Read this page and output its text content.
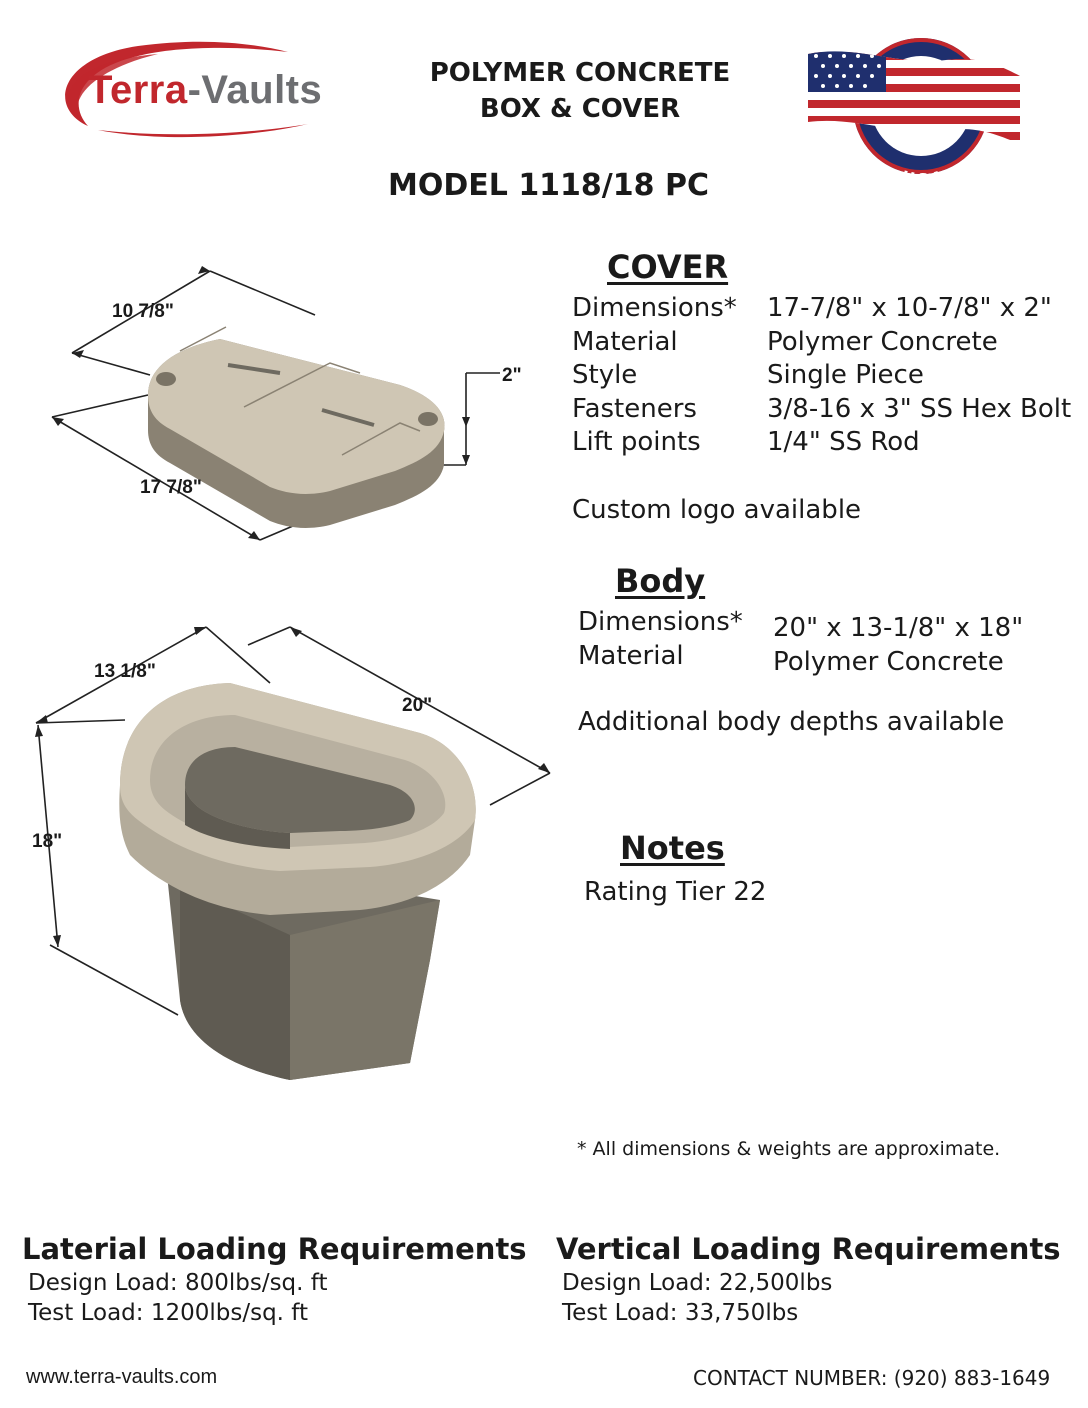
Terra-Vaults	POLYMER CONCRETE
BOX & COVER
M IN
MODEL 1118/18 PC
10 7/8"
17 7/8"
2"
COVER
Dimensions* 17-7/8" x 10-7/8" x 2"
Material	Polymer Concrete
Style	Single Piece
Fasteners	3/8-16 x 3" SS Hex Bolt
Lift points	1/4" SS Rod
Custom logo available
13 1/8"
20"
18"
Body
Dimensions* 20" x 13-1/8" x 18"
Material	Polymer Concrete
Additional body depths available
Notes
Rating Tier 22
* All dimensions & weights are approximate.
Laterial Loading Requirements
Design Load: 800lbs/sq. ft
Test Load: 1200lbs/sq. ft
Vertical Loading Requirements
Design Load: 22,500lbs
Test Load: 33,750lbs
www.terra-vaults.com	CONTACT NUMBER: (920) 883-1649
